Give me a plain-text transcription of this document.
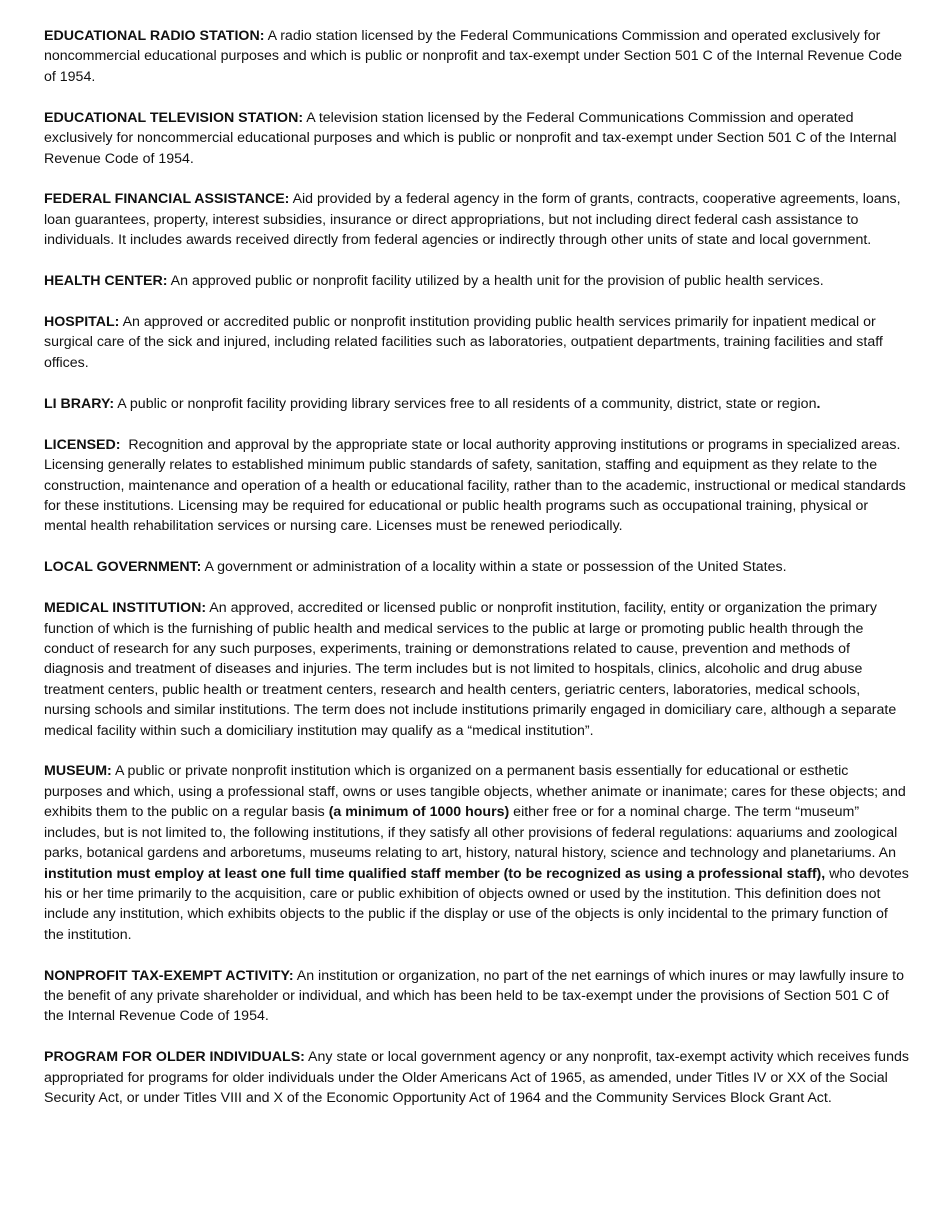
EDUCATIONAL RADIO STATION: A radio station licensed by the Federal Communications Commission and operated exclusively for noncommercial educational purposes and which is public or nonprofit and tax-exempt under Section 501 C of the Internal Revenue Code of 1954.

EDUCATIONAL TELEVISION STATION: A television station licensed by the Federal Communications Commission and operated exclusively for noncommercial educational purposes and which is public or nonprofit and tax-exempt under Section 501 C of the Internal Revenue Code of 1954.

FEDERAL FINANCIAL ASSISTANCE: Aid provided by a federal agency in the form of grants, contracts, cooperative agreements, loans, loan guarantees, property, interest subsidies, insurance or direct appropriations, but not including direct federal cash assistance to individuals. It includes awards received directly from federal agencies or indirectly through other units of state and local government.

HEALTH CENTER: An approved public or nonprofit facility utilized by a health unit for the provision of public health services.

HOSPITAL: An approved or accredited public or nonprofit institution providing public health services primarily for inpatient medical or surgical care of the sick and injured, including related facilities such as laboratories, outpatient departments, training facilities and staff offices.

LI BRARY: A public or nonprofit facility providing library services free to all residents of a community, district, state or region.

LICENSED:  Recognition and approval by the appropriate state or local authority approving institutions or programs in specialized areas. Licensing generally relates to established minimum public standards of safety, sanitation, staffing and equipment as they relate to the construction, maintenance and operation of a health or educational facility, rather than to the academic, instructional or medical standards for these institutions. Licensing may be required for educational or public health programs such as occupational training, physical or mental health rehabilitation services or nursing care. Licenses must be renewed periodically.

LOCAL GOVERNMENT: A government or administration of a locality within a state or possession of the United States.

MEDICAL INSTITUTION: An approved, accredited or licensed public or nonprofit institution, facility, entity or organization the primary function of which is the furnishing of public health and medical services to the public at large or promoting public health through the conduct of research for any such purposes, experiments, training or demonstrations related to cause, prevention and methods of diagnosis and treatment of diseases and injuries. The term includes but is not limited to hospitals, clinics, alcoholic and drug abuse treatment centers, public health or treatment centers, research and health centers, geriatric centers, laboratories, medical schools, nursing schools and similar institutions. The term does not include institutions primarily engaged in domiciliary care, although a separate medical facility within such a domiciliary institution may qualify as a “medical institution”.

MUSEUM: A public or private nonprofit institution which is organized on a permanent basis essentially for educational or esthetic purposes and which, using a professional staff, owns or uses tangible objects, whether animate or inanimate; cares for these objects; and exhibits them to the public on a regular basis (a minimum of 1000 hours) either free or for a nominal charge. The term “museum” includes, but is not limited to, the following institutions, if they satisfy all other provisions of federal regulations: aquariums and zoological parks, botanical gardens and arboretums, museums relating to art, history, natural history, science and technology and planetariums. An institution must employ at least one full time qualified staff member (to be recognized as using a professional staff), who devotes his or her time primarily to the acquisition, care or public exhibition of objects owned or used by the institution. This definition does not include any institution, which exhibits objects to the public if the display or use of the objects is only incidental to the primary function of the institution.

NONPROFIT TAX-EXEMPT ACTIVITY: An institution or organization, no part of the net earnings of which inures or may lawfully insure to the benefit of any private shareholder or individual, and which has been held to be tax-exempt under the provisions of Section 501 C of the Internal Revenue Code of 1954.

PROGRAM FOR OLDER INDIVIDUALS: Any state or local government agency or any nonprofit, tax-exempt activity which receives funds appropriated for programs for older individuals under the Older Americans Act of 1965, as amended, under Titles IV or XX of the Social Security Act, or under Titles VIII and X of the Economic Opportunity Act of 1964 and the Community Services Block Grant Act.
